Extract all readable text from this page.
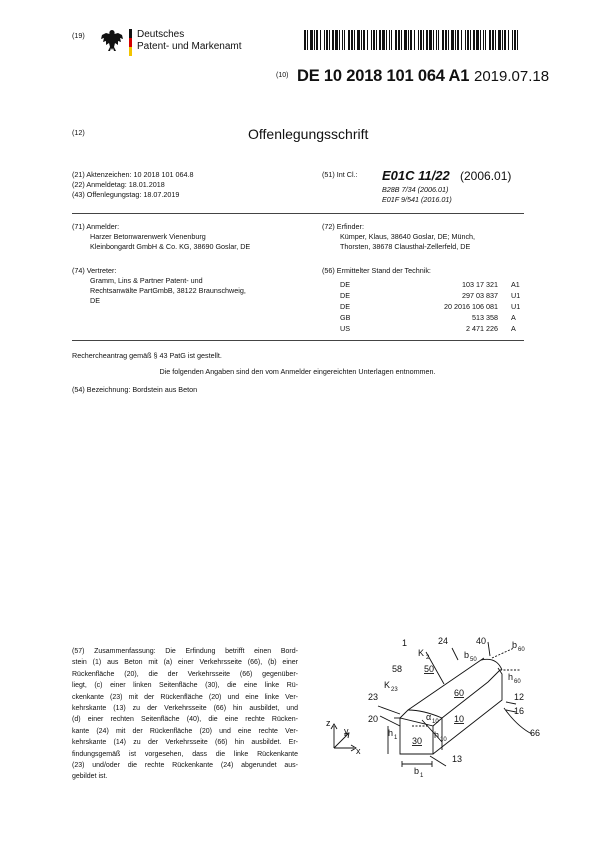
(19)	Deutsches
Patent- und Markenamt
(10) DE 10 2018 101 064 A1 2019.07.18
(12)	Offenlegungsschrift
(21) Aktenzeichen: 10 2018 101 064.8
(22) Anmeldetag: 18.01.2018
(43) Offenlegungstag: 18.07.2019
(51) Int Cl.: E01C 11/22 (2006.01)
B28B 7/34 (2006.01)
E01F 9/541 (2016.01)
(71) Anmelder:
Harzer Betonwarenwerk Vienenburg
Kleinbongardt GmbH & Co. KG, 38690 Goslar, DE
(72) Erfinder:
Kümper, Klaus, 38640 Goslar, DE; Münch,
Thorsten, 38678 Clausthal-Zellerfeld, DE
(74) Vertreter:
Gramm, Lins & Partner Patent- und
Rechtsanwälte PartGmbB, 38122 Braunschweig,
DE
(56) Ermittelter Stand der Technik:
DE	103 17 321 A1
DE	297 03 837 U1
DE	20 2016 106 081 U1
GB	513 358 A
US	2 471 226 A
Rechercheantrag gemäß § 43 PatG ist gestellt.
Die folgenden Angaben sind den vom Anmelder eingereichten Unterlagen entnommen.
(54) Bezeichnung: Bordstein aus Beton
(57) Zusammenfassung: Die Erfindung betrifft einen Bord-
stein (1) aus Beton mit (a) einer Verkehrsseite (66), (b) einer
Rückenfläche (20), die der Verkehrsseite (66) gegenüber-
liegt, (c) einer linken Seitenfläche (30), die eine linke Rü-
ckenkante (23) mit der Rückenfläche (20) und eine linke Ver-
kehrskante (13) zu der Verkehrsseite (66) hin ausbildet, und
(d) einer rechten Seitenfläche (40), die eine rechte Rücken-
kante (24) mit der Rückenfläche (20) und eine rechte Ver-
kehrskante (14) zu der Verkehrsseite (66) hin ausbildet. Er-
findungsgemäß ist vorgesehen, dass die linke Rückenkante
(23) und/oder die rechte Rückenkante (24) abgerundet aus-
gebildet ist.
1	24	40
K 2	b 50
b 60
58 50
h 60
60	12
K 23
23
16
20	α 10 10
h 1 30
h 10
66
13
b 1
z
y
x
